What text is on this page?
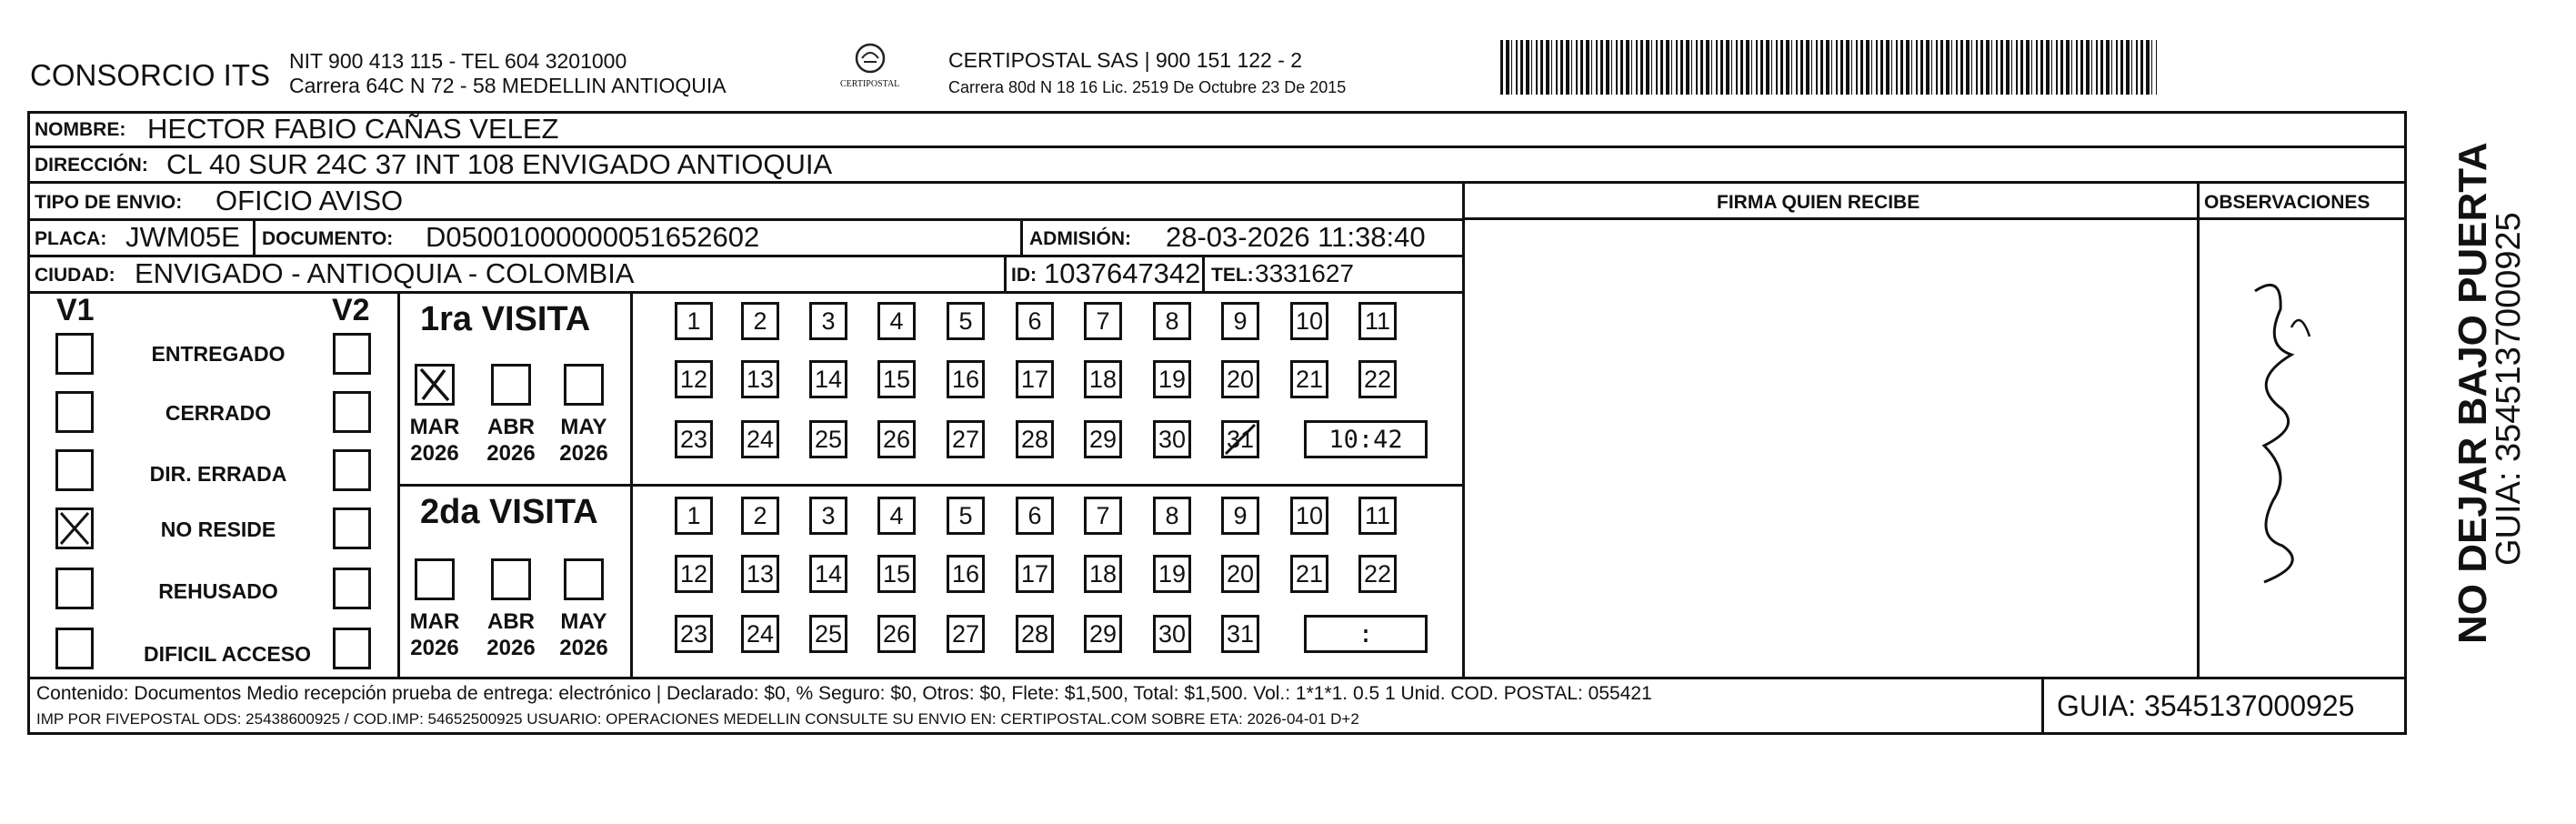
CONSORCIO ITS NIT 900 413 115 - TEL 604 3201000
Carrera 64C N 72 - 58 MEDELLIN ANTIOQUIA	CERTIPOSTAL
CERTIPOSTAL SAS | 900 151 122 - 2
Carrera 80d N 18 16 Lic. 2519 De Octubre 23 De 2015
NOMBRE: HECTOR FABIO CAÑAS VELEZ
DIRECCIÓN: CL 40 SUR 24C 37 INT 108 ENVIGADO ANTIOQUIA
TIPO DE ENVIO: OFICIO AVISO	FIRMA QUIEN RECIBE	OBSERVACIONES
PLACA: JWM05E DOCUMENTO: D05001000000051652602	ADMISIÓN: 28-03-2026 11:38:40
CIUDAD: ENVIGADO - ANTIOQUIA - COLOMBIA	ID: 1037647342 TEL: 3331627
V1	V2
ENTREGADO
CERRADO
DIR. ERRADA
NO RESIDE
REHUSADO
DIFICIL ACCESO
1ra VISITA
2da VISITA
MAR
2026
ABR
2026
MAY
2026
MAR
2026
ABR
2026
MAY
2026
1	2	3	4	5	6	7	8	9	10 11
12 13 14 15 16 17 18 19 20 21 22
23 24 25 26 27 28 29 30 31	10:42
1	2	3	4	5	6	7	8	9	10 11
12 13 14 15 16 17 18 19 20 21 22
23 24 25 26 27 28 29 30 31	:
Contenido: Documentos Medio recepción prueba de entrega: electrónico | Declarado: $0, % Seguro: $0, Otros: $0, Flete: $1,500, Total: $1,500. Vol.: 1*1*1. 0.5 1 Unid. COD. POSTAL: 055421
IMP POR FIVEPOSTAL ODS: 25438600925 / COD.IMP: 54652500925 USUARIO: OPERACIONES MEDELLIN CONSULTE SU ENVIO EN: CERTIPOSTAL.COM SOBRE ETA: 2026-04-01 D+2	GUIA: 3545137000925
NO DEJAR BAJO PUERTA
GUIA: 3545137000925
